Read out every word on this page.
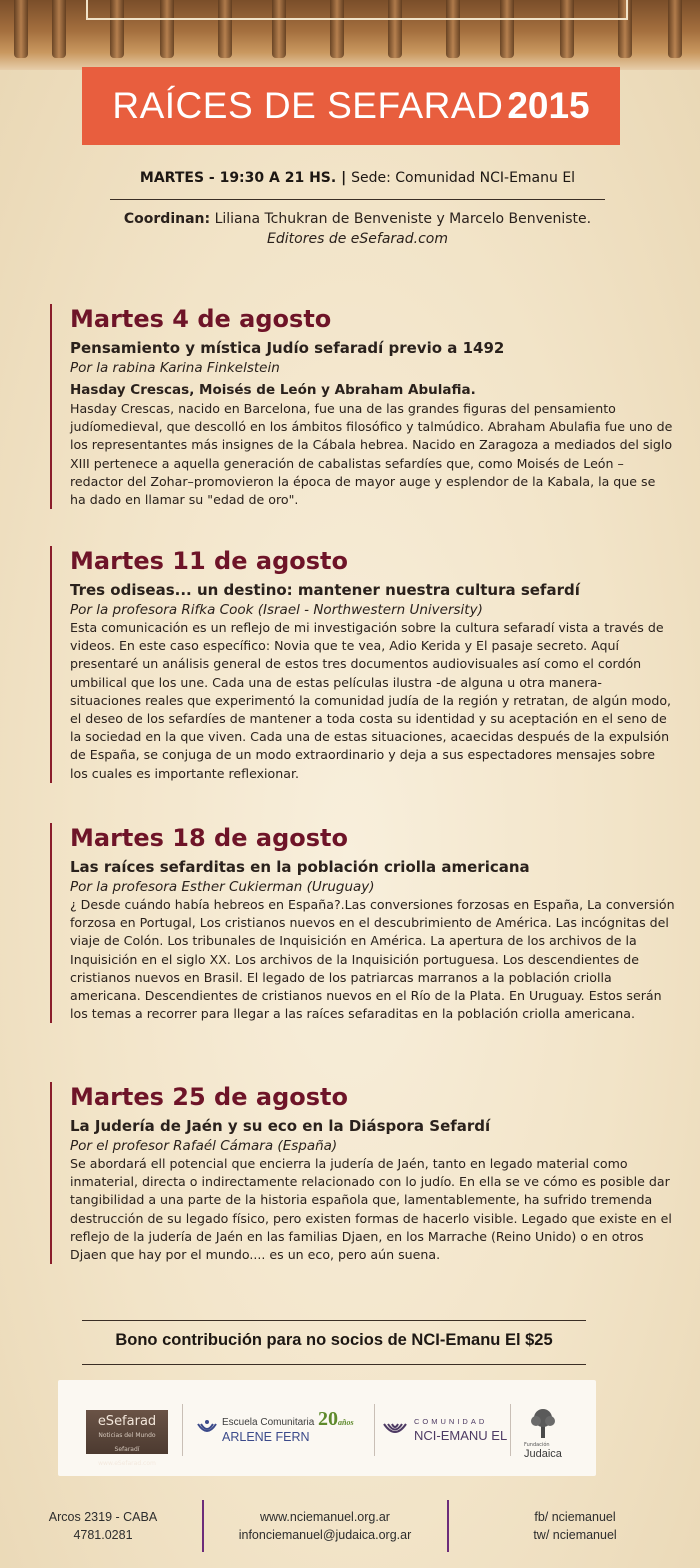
RAÍCES DE SEFARAD 2015
MARTES - 19:30 A 21 HS. | Sede: Comunidad NCI-Emanu El
Coordinan: Liliana Tchukran de Benveniste y Marcelo Benveniste.
Editores de eSefarad.com
Martes 4 de agosto
Pensamiento y mística Judío sefaradí previo a 1492
Por la rabina Karina Finkelstein
Hasday Crescas, Moisés de León y Abraham Abulafia.
Hasday Crescas, nacido en Barcelona, fue una de las grandes figuras del pensamiento judíomedieval, que descolló en los ámbitos filosófico y talmúdico. Abraham Abulafia fue uno de los representantes más insignes de la Cábala hebrea. Nacido en Zaragoza a mediados del siglo XIII pertenece a aquella generación de cabalistas sefardíes que, como Moisés de León –redactor del Zohar–promovieron la época de mayor auge y esplendor de la Kabala, la que se ha dado en llamar su "edad de oro".
Martes 11 de agosto
Tres odiseas... un destino: mantener nuestra cultura sefardí
Por la profesora Rifka Cook (Israel - Northwestern University)
Esta comunicación es un reflejo de mi investigación sobre la cultura sefaradí vista a través de videos. En este caso específico: Novia que te vea, Adio Kerida y El pasaje secreto. Aquí presentaré un análisis general de estos tres documentos audiovisuales así como el cordón umbilical que los une. Cada una de estas películas ilustra -de alguna u otra manera- situaciones reales que experimentó la comunidad judía de la región y retratan, de algún modo, el deseo de los sefardíes de mantener a toda costa su identidad y su aceptación en el seno de la sociedad en la que viven. Cada una de estas situaciones, acaecidas después de la expulsión de España, se conjuga de un modo extraordinario y deja a sus espectadores mensajes sobre los cuales es importante reflexionar.
Martes 18 de agosto
Las raíces sefarditas en la población criolla americana
Por la profesora Esther Cukierman (Uruguay)
¿ Desde cuándo había hebreos en España?.Las conversiones forzosas en España, La conversión forzosa en Portugal, Los cristianos nuevos en el descubrimiento de América. Las incógnitas del viaje de Colón. Los tribunales de Inquisición en América. La apertura de los archivos de la Inquisición en el siglo XX. Los archivos de la Inquisición portuguesa. Los descendientes de cristianos nuevos en Brasil. El legado de los patriarcas marranos a la población criolla americana. Descendientes de cristianos nuevos en el Río de la Plata. En Uruguay. Estos serán los temas a recorrer para llegar a las raíces sefaraditas en la población criolla americana.
Martes 25 de agosto
La Judería de Jaén y su eco en la Diáspora Sefardí
Por el profesor Rafaél Cámara (España)
Se abordará ell potencial que encierra la judería de Jaén, tanto en legado material como inmaterial, directa o indirectamente relacionado con lo judío. En ella se ve cómo es posible dar tangibilidad a una parte de la historia española que, lamentablemente, ha sufrido tremenda destrucción de su legado físico, pero existen formas de hacerlo visible. Legado que existe en el reflejo de la judería de Jaén en las familias Djaen, en los Marrache (Reino Unido) o en otros Djaen que hay por el mundo.... es un eco, pero aún suena.
Bono contribución para no socios de NCI-Emanu El $25
eSefarad
Noticias del Mundo Sefaradí
www.eSefarad.com
Escuela Comunitaria
ARLENE FERN
20años	COMUNIDAD
NCI-EMANU EL
Fundación
Judaica
Arcos 2319 - CABA
4781.0281
www.nciemanuel.org.ar
infonciemanuel@judaica.org.ar
fb/ nciemanuel
tw/ nciemanuel
